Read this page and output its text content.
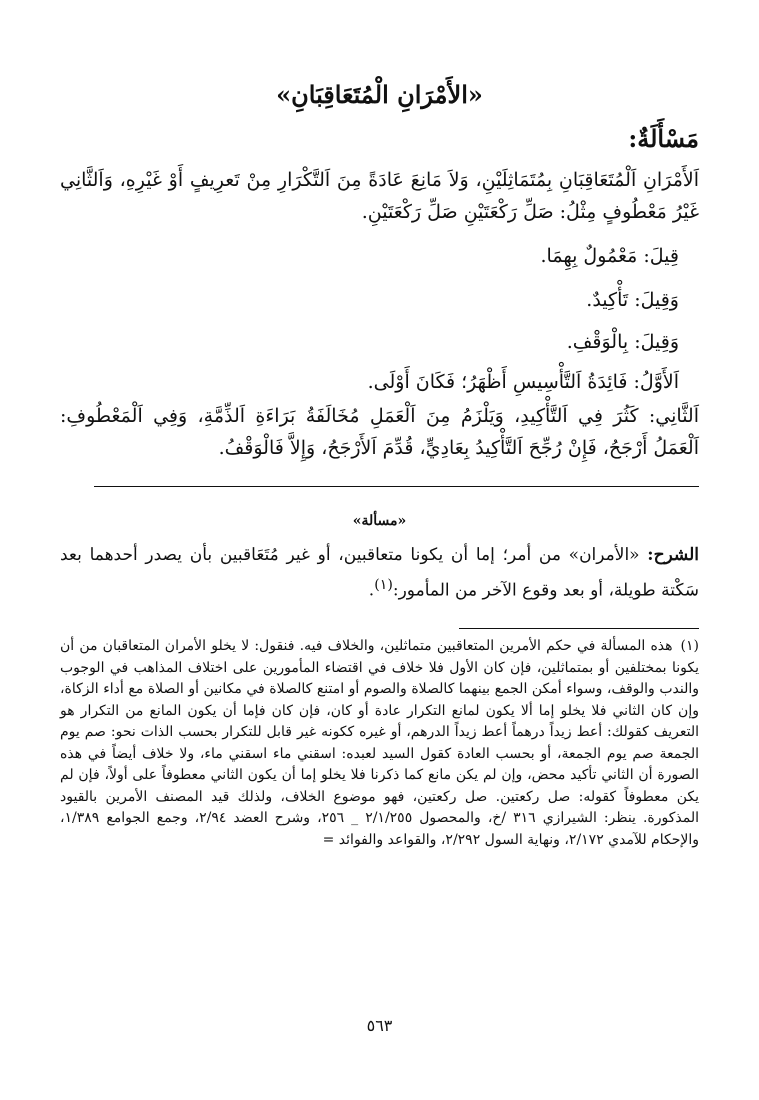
«الأَمْرَانِ الْمُتَعَاقِبَانِ»
مَسْأَلَةٌ:
اَلأَمْرَانِ اَلْمُتَعَاقِبَانِ بِمُتَمَاثِلَيْنِ، وَلاَ مَانِعَ عَادَةً مِنَ اَلتَّكْرَارِ مِنْ تَعرِيفٍ أَوْ غَيْرِهِ، وَاَلثَّانِي غَيْرُ مَعْطُوفٍ مِثْلُ: صَلِّ رَكْعَتَيْنِ صَلِّ رَكْعَتَيْنِ.
قِيلَ: مَعْمُولٌ بِهِمَا.
وَقِيلَ: تَأْكِيدٌ.
وَقِيلَ: بِالْوَقْفِ.
اَلأَوَّلُ: فَائِدَةُ اَلتَّأْسِيسِ أَظْهَرُ؛ فَكَانَ أَوْلَى.
اَلثَّانِي: كَثُرَ فِي اَلتَّأْكِيدِ، وَيَلْزَمُ مِنَ اَلْعَمَلِ مُخَالَفَةُ بَرَاءَةِ اَلذِّمَّةِ، وَفِي اَلْمَعْطُوفِ: اَلْعَمَلُ أَرْجَحُ، فَإِنْ رُجِّحَ اَلتَّأْكِيدُ بِعَادِيٍّ، قُدِّمَ اَلأَرْجَحُ، وَإِلاَّ فَالْوَقْفُ.
«مسألة»
الشرح: «الأمران» من أمر؛ إما أن يكونا متعاقبين، أو غير مُتَعَاقبين بأن يصدر أحدهما بعد سَكْتة طويلة، أو بعد وقوع الآخر من المأمور:$^{(١)}$.
(١)هذه المسألة في حكم الأمرين المتعاقبين متماثلين، والخلاف فيه. فنقول: لا يخلو الأمران المتعاقبان من أن يكونا بمختلفين أو بمتماثلين، فإن كان الأول فلا خلاف في اقتضاء المأمورين على اختلاف المذاهب في الوجوب والندب والوقف، وسواء أمكن الجمع بينهما كالصلاة والصوم أو امتنع كالصلاة في مكانين أو الصلاة مع أداء الزكاة، وإن كان الثاني فلا يخلو إما ألا يكون لمانع التكرار عادة أو كان، فإن كان فإما أن يكون المانع من التكرار هو التعريف كقولك: أعط زيداً درهماً أعط زيداً الدرهم، أو غيره ككونه غير قابل للتكرار بحسب الذات نحو: صم يوم الجمعة صم يوم الجمعة، أو بحسب العادة كقول السيد لعبده: اسقني ماء اسقني ماء، ولا خلاف أيضاً في هذه الصورة أن الثاني تأكيد محض، وإن لم يكن مانع كما ذكرنا فلا يخلو إما أن يكون الثاني معطوفاً على أولاً، فإن لم يكن معطوفاً كقوله: صل ركعتين. صل ركعتين، فهو موضوع الخلاف، ولذلك قيد المصنف الأمرين بالقيود المذكورة. ينظر: الشيرازي ٣١٦ /خ، والمحصول ٢/١/٢٥٥ _ ٢٥٦، وشرح العضد ٢/٩٤، وجمع الجوامع ١/٣٨٩، والإحكام للآمدي ٢/١٧٢، ونهاية السول ٢/٢٩٢، والقواعد والفوائد =
٥٦٣
